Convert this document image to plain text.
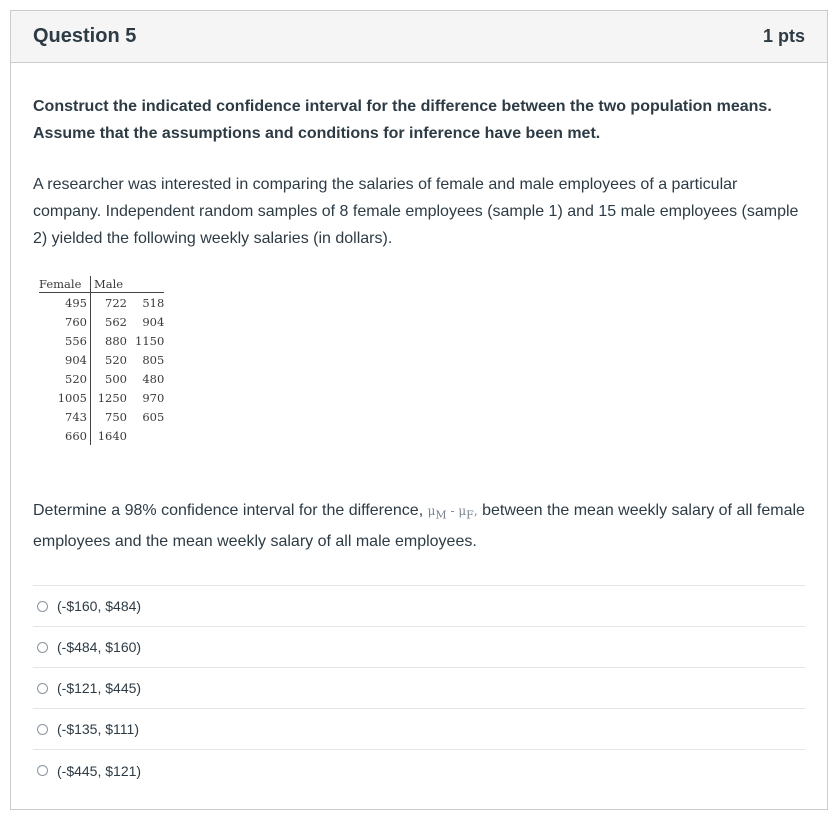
Question 5	1 pts
Construct the indicated confidence interval for the difference between the two population means. Assume that the assumptions and conditions for inference have been met.
A researcher was interested in comparing the salaries of female and male employees of a particular company. Independent random samples of 8 female employees (sample 1) and 15 male employees (sample 2) yielded the following weekly salaries (in dollars).
Female	Male	
495	722	518
760	562	904
556	880	1150
904	520	805
520	500	480
1005	1250	970
743	750	605
660	1640	
Determine a 98% confidence interval for the difference, $\mu_M - \mu_F$, between the mean weekly salary of all female employees and the mean weekly salary of all male employees.
(-$160, $484)
(-$484, $160)
(-$121, $445)
(-$135, $111)
(-$445, $121)
